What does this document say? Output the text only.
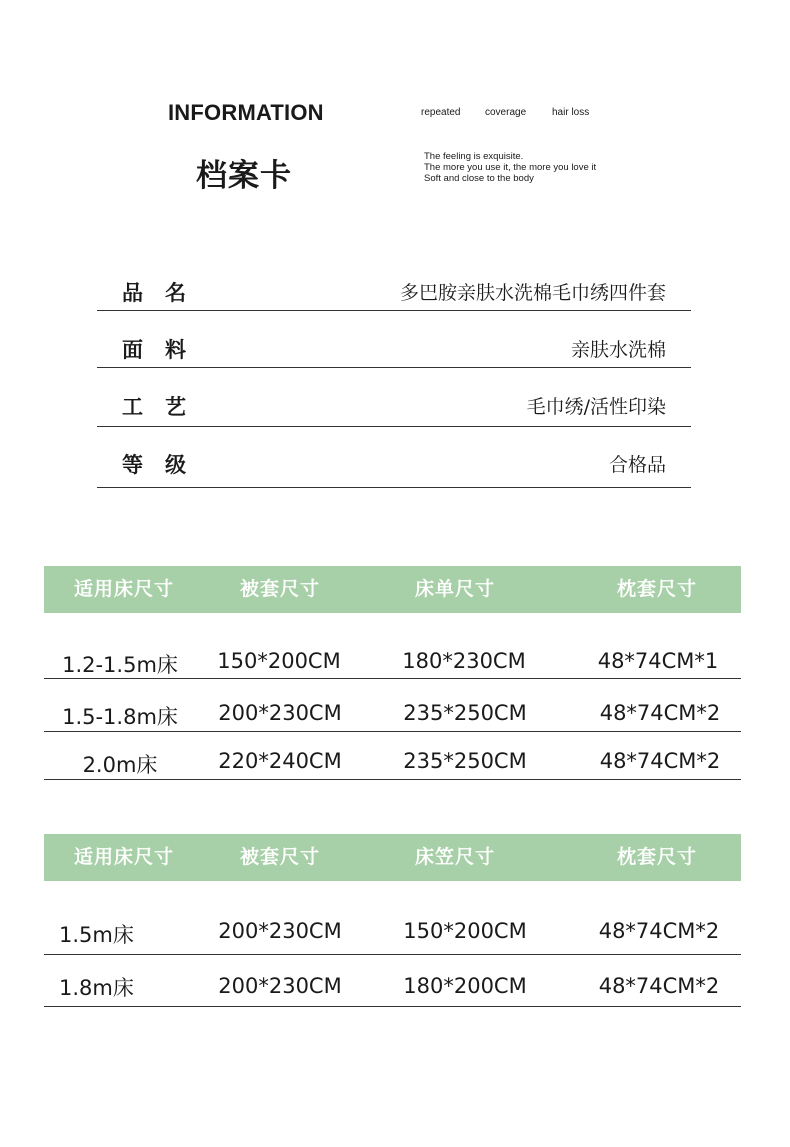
INFORMATION
档案卡
repeated coverage	hair loss
The feeling is exquisite.
The more you use it, the more you love it
Soft and close to the body
品名	多巴胺亲肤水洗棉毛巾绣四件套
面料	亲肤水洗棉
工艺	毛巾绣/活性印染
等级	合格品
适用床尺寸	被套尺寸	床单尺寸	枕套尺寸
1.2-1.5m床	150*200CM	180*230CM	48*74CM*1
1.5-1.8m床	200*230CM	235*250CM	48*74CM*2
2.0m床	220*240CM	235*250CM	48*74CM*2
适用床尺寸	被套尺寸	床笠尺寸	枕套尺寸
1.5m床	200*230CM	150*200CM	48*74CM*2
1.8m床	200*230CM	180*200CM	48*74CM*2
